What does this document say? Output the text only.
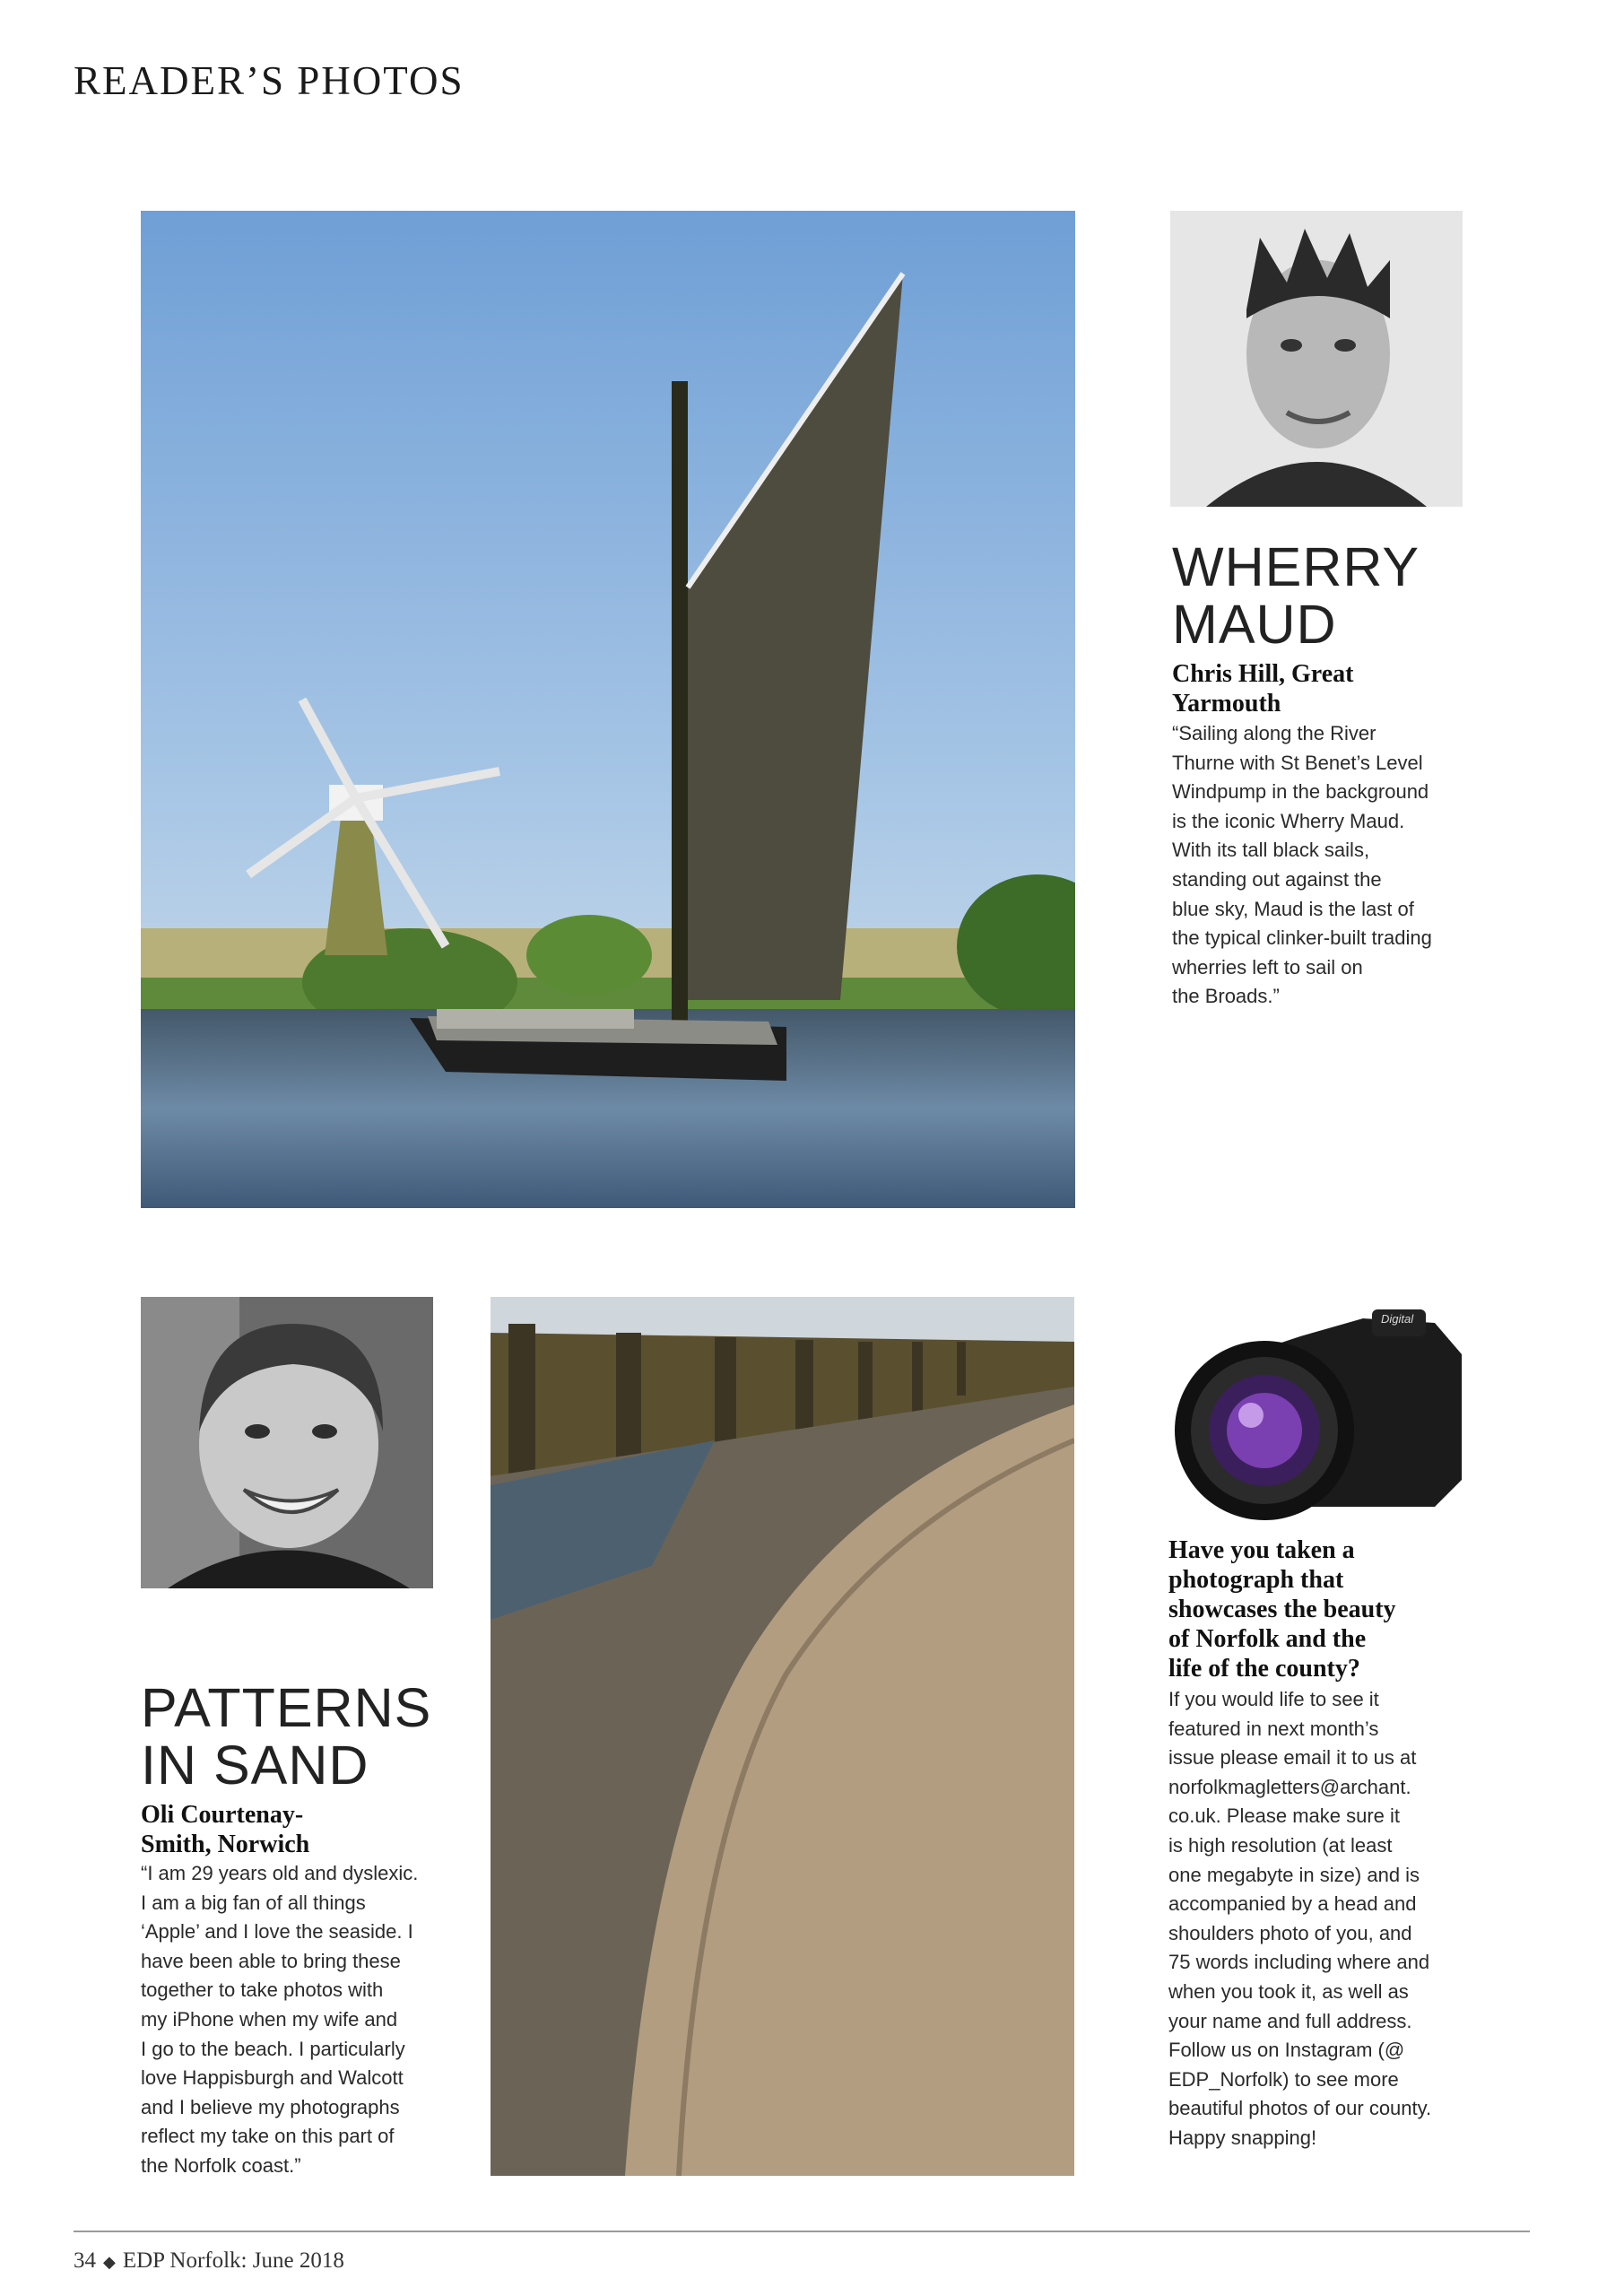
READER’S PHOTOS
WHERRY
MAUD
Chris Hill, Great
Yarmouth
“Sailing along the River
Thurne with St Benet’s Level
Windpump in the background
is the iconic Wherry Maud.
With its tall black sails,
standing out against the
blue sky, Maud is the last of
the typical clinker-built trading
wherries left to sail on
the Broads.”
PATTERNS
IN SAND
Oli Courtenay-
Smith, Norwich
“I am 29 years old and dyslexic.
I am a big fan of all things
‘Apple’ and I love the seaside. I
have been able to bring these
together to take photos with
my iPhone when my wife and
I go to the beach. I particularly
love Happisburgh and Walcott
and I believe my photographs
reflect my take on this part of
the Norfolk coast.”
Digital
Have you taken a
photograph that
showcases the beauty
of Norfolk and the
life of the county?
If you would life to see it
featured in next month’s
issue please email it to us at
norfolkmagletters@archant.
co.uk. Please make sure it
is high resolution (at least
one megabyte in size) and is
accompanied by a head and
shoulders photo of you, and
75 words including where and
when you took it, as well as
your name and full address.
Follow us on Instagram (@
EDP_Norfolk) to see more
beautiful photos of our county.
Happy snapping!
34 ◆ EDP Norfolk: June 2018
